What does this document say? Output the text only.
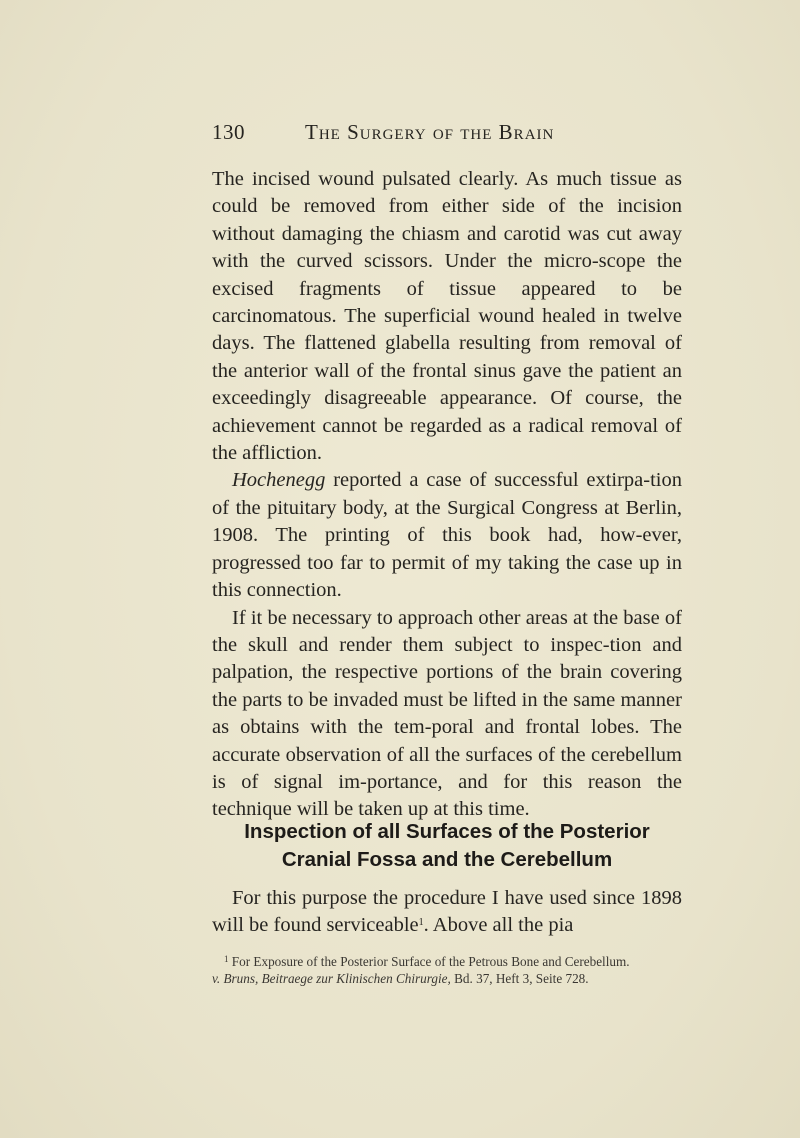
130	The Surgery of the Brain

The incised wound pulsated clearly. As much tissue as could be removed from either side of the incision without damaging the chiasm and carotid was cut away with the curved scissors. Under the micro-scope the excised fragments of tissue appeared to be carcinomatous. The superficial wound healed in twelve days. The flattened glabella resulting from removal of the anterior wall of the frontal sinus gave the patient an exceedingly disagreeable appearance. Of course, the achievement cannot be regarded as a radical removal of the affliction.

Hochenegg reported a case of successful extirpa-tion of the pituitary body, at the Surgical Congress at Berlin, 1908. The printing of this book had, how-ever, progressed too far to permit of my taking the case up in this connection.

If it be necessary to approach other areas at the base of the skull and render them subject to inspec-tion and palpation, the respective portions of the brain covering the parts to be invaded must be lifted in the same manner as obtains with the tem-poral and frontal lobes. The accurate observation of all the surfaces of the cerebellum is of signal im-portance, and for this reason the technique will be taken up at this time.

Inspection of all Surfaces of the Posterior
Cranial Fossa and the Cerebellum

For this purpose the procedure I have used since 1898 will be found serviceable$^1$. Above all the pia

$^1$ For Exposure of the Posterior Surface of the Petrous Bone and Cerebellum.

v. Bruns, Beitraege zur Klinischen Chirurgie, Bd. 37, Heft 3, Seite 728.
